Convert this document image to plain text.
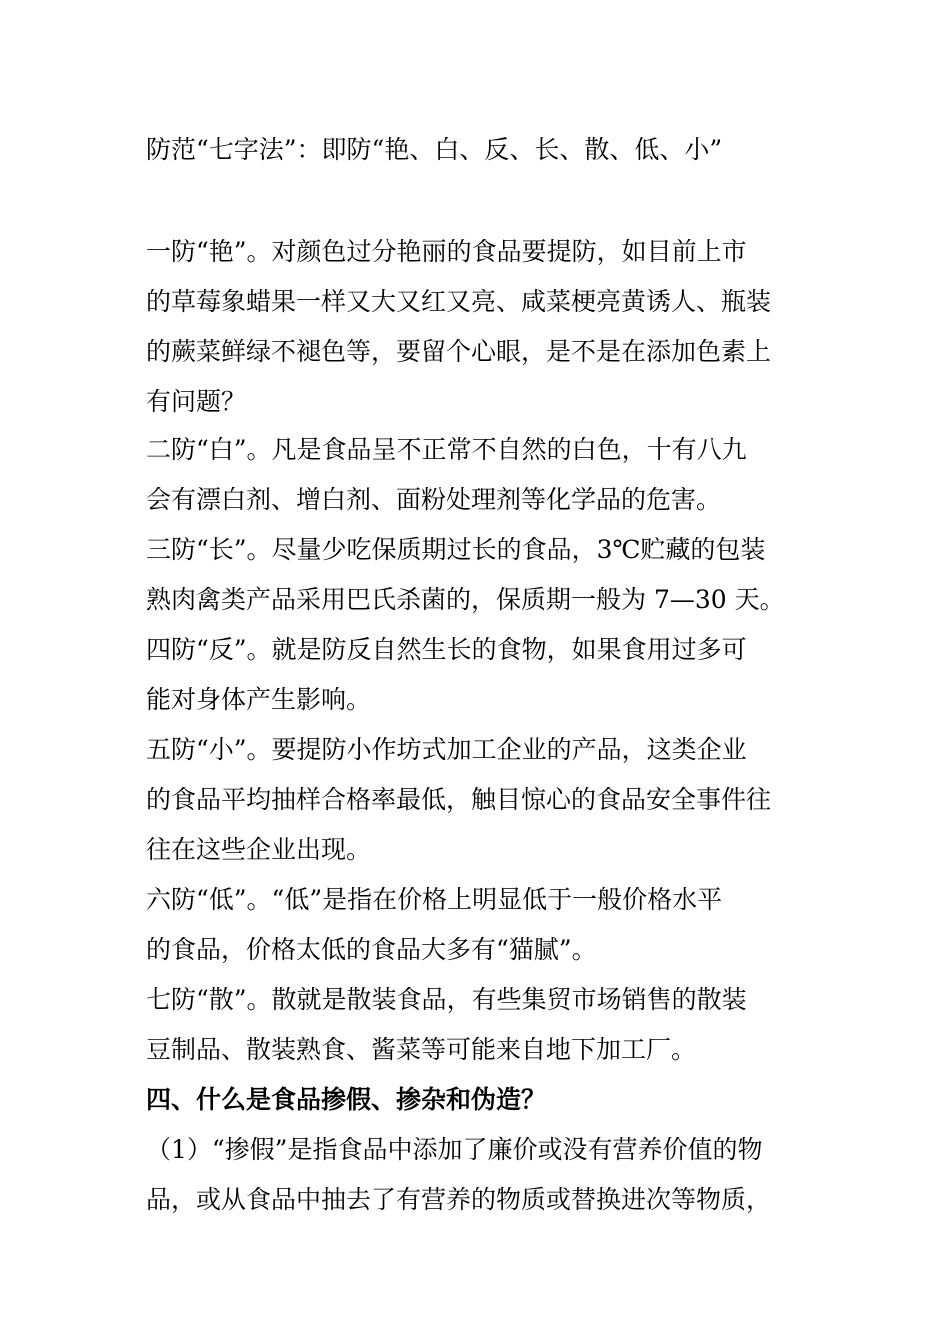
防范“七字法”：即防“艳、白、反、长、散、低、小”
一防“艳”。对颜色过分艳丽的食品要提防，如目前上市
的草莓象蜡果一样又大又红又亮、咸菜梗亮黄诱人、瓶装
的蕨菜鲜绿不褪色等，要留个心眼，是不是在添加色素上
有问题？
二防“白”。凡是食品呈不正常不自然的白色，十有八九
会有漂白剂、增白剂、面粉处理剂等化学品的危害。
三防“长”。尽量少吃保质期过长的食品，3℃贮藏的包装
熟肉禽类产品采用巴氏杀菌的，保质期一般为 7—30 天。
四防“反”。就是防反自然生长的食物，如果食用过多可
能对身体产生影响。
五防“小”。要提防小作坊式加工企业的产品，这类企业
的食品平均抽样合格率最低，触目惊心的食品安全事件往
往在这些企业出现。
六防“低”。“低”是指在价格上明显低于一般价格水平
的食品，价格太低的食品大多有“猫腻”。
七防“散”。散就是散装食品，有些集贸市场销售的散装
豆制品、散装熟食、酱菜等可能来自地下加工厂。
四、什么是食品掺假、掺杂和伪造？
（1）“掺假”是指食品中添加了廉价或没有营养价值的物
品，或从食品中抽去了有营养的物质或替换进次等物质，
